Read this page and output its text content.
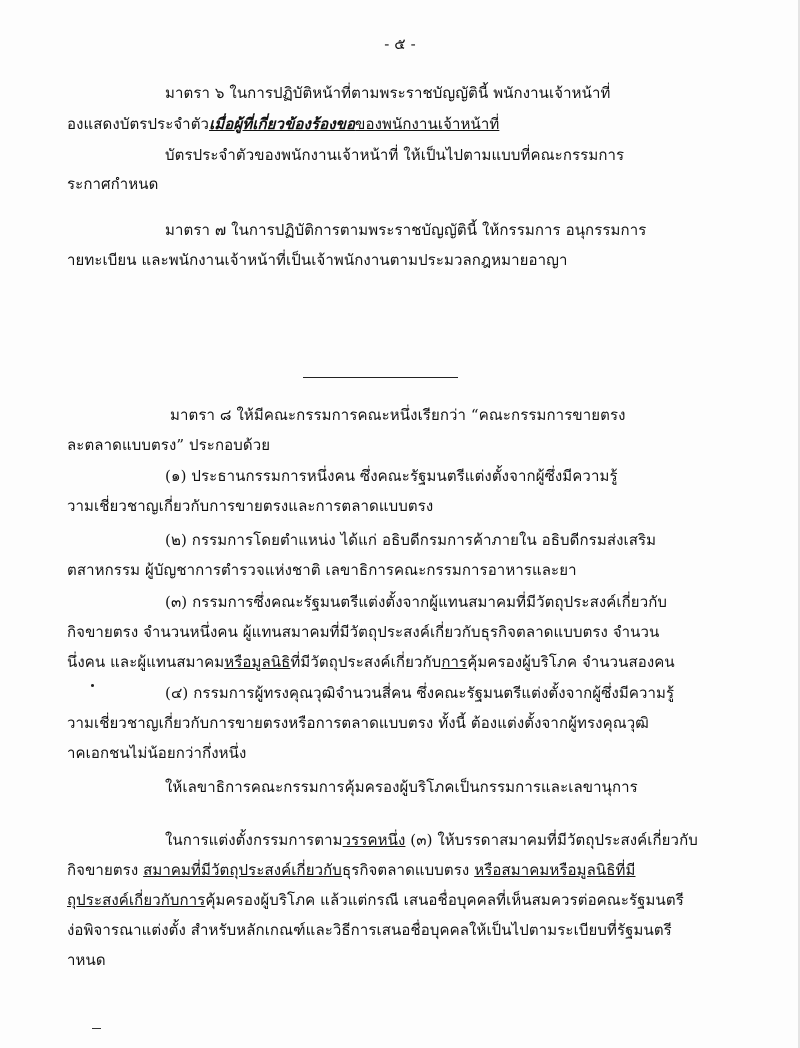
- ๕ -
มาตรา ๖ ในการปฏิบัติหน้าที่ตามพระราชบัญญัตินี้ พนักงานเจ้าหน้าที่
องแสดงบัตรประจำตัวเมื่อผู้ที่เกี่ยวข้องร้องขอของพนักงานเจ้าหน้าที่
บัตรประจำตัวของพนักงานเจ้าหน้าที่ ให้เป็นไปตามแบบที่คณะกรรมการ
ระกาศกำหนด
มาตรา ๗ ในการปฏิบัติการตามพระราชบัญญัตินี้ ให้กรรมการ อนุกรรมการ
ายทะเบียน และพนักงานเจ้าหน้าที่เป็นเจ้าพนักงานตามประมวลกฎหมายอาญา
มาตรา ๘ ให้มีคณะกรรมการคณะหนึ่งเรียกว่า “คณะกรรมการขายตรง
ละตลาดแบบตรง” ประกอบด้วย
(๑) ประธานกรรมการหนึ่งคน ซึ่งคณะรัฐมนตรีแต่งตั้งจากผู้ซึ่งมีความรู้
วามเชี่ยวชาญเกี่ยวกับการขายตรงและการตลาดแบบตรง
(๒) กรรมการโดยตำแหน่ง ได้แก่ อธิบดีกรมการค้าภายใน อธิบดีกรมส่งเสริม
ตสาหกรรม ผู้บัญชาการตำรวจแห่งชาติ เลขาธิการคณะกรรมการอาหารและยา
(๓) กรรมการซึ่งคณะรัฐมนตรีแต่งตั้งจากผู้แทนสมาคมที่มีวัตถุประสงค์เกี่ยวกับ
กิจขายตรง จำนวนหนึ่งคน ผู้แทนสมาคมที่มีวัตถุประสงค์เกี่ยวกับธุรกิจตลาดแบบตรง จำนวน
นึ่งคน และผู้แทนสมาคมหรือมูลนิธิที่มีวัตถุประสงค์เกี่ยวกับการคุ้มครองผู้บริโภค จำนวนสองคน
(๔) กรรมการผู้ทรงคุณวุฒิจำนวนสี่คน ซึ่งคณะรัฐมนตรีแต่งตั้งจากผู้ซึ่งมีความรู้
วามเชี่ยวชาญเกี่ยวกับการขายตรงหรือการตลาดแบบตรง ทั้งนี้ ต้องแต่งตั้งจากผู้ทรงคุณวุฒิ
าคเอกชนไม่น้อยกว่ากึ่งหนึ่ง
ให้เลขาธิการคณะกรรมการคุ้มครองผู้บริโภคเป็นกรรมการและเลขานุการ
ในการแต่งตั้งกรรมการตามวรรคหนึ่ง (๓) ให้บรรดาสมาคมที่มีวัตถุประสงค์เกี่ยวกับ
กิจขายตรง สมาคมที่มีวัตถุประสงค์เกี่ยวกับธุรกิจตลาดแบบตรง หรือสมาคมหรือมูลนิธิที่มี
ถุประสงค์เกี่ยวกับการคุ้มครองผู้บริโภค แล้วแต่กรณี เสนอชื่อบุคคลที่เห็นสมควรต่อคณะรัฐมนตรี
ง่อพิจารณาแต่งตั้ง สำหรับหลักเกณฑ์และวิธีการเสนอชื่อบุคคลให้เป็นไปตามระเบียบที่รัฐมนตรี
าหนด
